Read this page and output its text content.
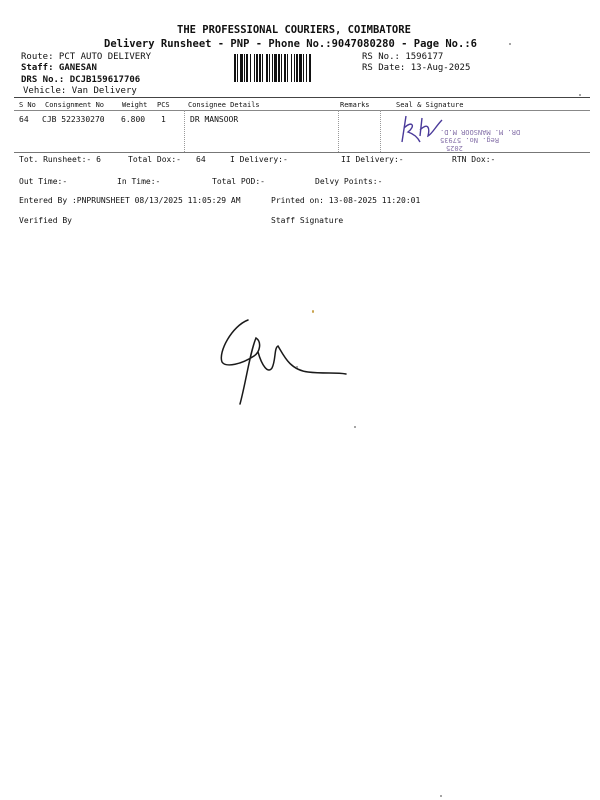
THE PROFESSIONAL COURIERS, COIMBATORE
Delivery Runsheet - PNP - Phone No.:9047080280 - Page No.:6
Route: PCT AUTO DELIVERY
Staff: GANESAN
DRS No.: DCJB159617706
Vehicle: Van Delivery
RS No.: 1596177
RS Date: 13-Aug-2025
S No Consignment No	Weight PCS	Consignee Details	Remarks	Seal & Signature
64 CJB 522330270 6.800 1	DR MANSOOR
2025
Reg. No. 57935
DR. M. MANSOOR M.D.
Tot. Runsheet:- 6	Total Dox:- 64	I Delivery:-	II Delivery:-	RTN Dox:-
Out Time:-	In Time:-	Total POD:-	Delvy Points:-
Entered By :PNPRUNSHEET 08/13/2025 11:05:29 AM	Printed on: 13-08-2025 11:20:01
Verified By	Staff Signature
